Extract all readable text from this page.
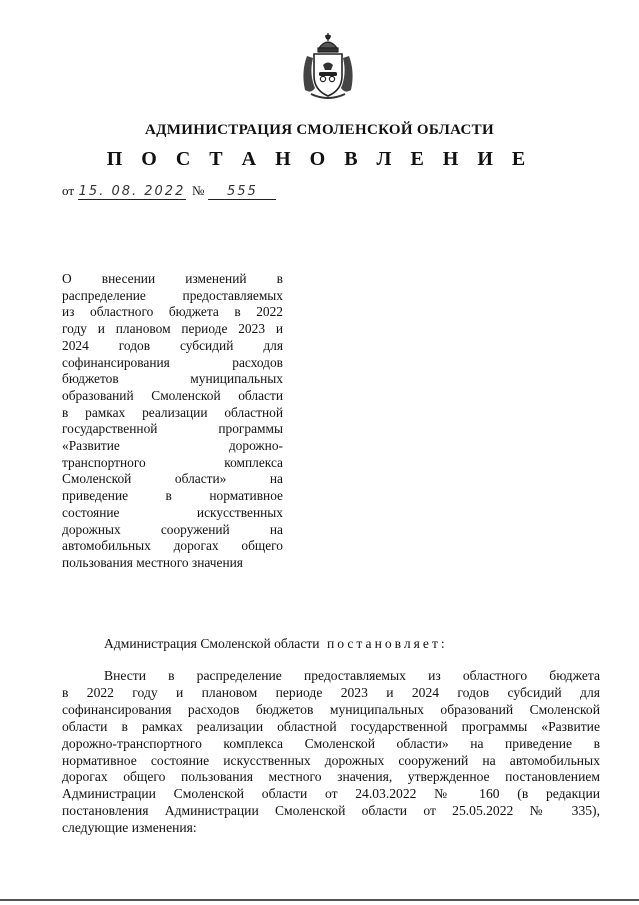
АДМИНИСТРАЦИЯ СМОЛЕНСКОЙ ОБЛАСТИ
П О С Т А Н О В Л Е Н И Е
от 15. 08. 2022 № 555
О внесении изменений в
распределение предоставляемых
из областного бюджета в 2022
году и плановом периоде 2023 и
2024 годов субсидий для
софинансирования расходов
бюджетов муниципальных
образований Смоленской области
в рамках реализации областной
государственной программы
«Развитие дорожно-
транспортного комплекса
Смоленской области» на
приведение в нормативное
состояние искусственных
дорожных сооружений на
автомобильных дорогах общего
пользования местного значения
Администрация Смоленской области постановляет:
Внести в распределение предоставляемых из областного бюджета
в 2022 году и плановом периоде 2023 и 2024 годов субсидий для
софинансирования расходов бюджетов муниципальных образований Смоленской
области в рамках реализации областной государственной программы «Развитие
дорожно-транспортного комплекса Смоленской области» на приведение в
нормативное состояние искусственных дорожных сооружений на автомобильных
дорогах общего пользования местного значения, утвержденное постановлением
Администрации Смоленской области от 24.03.2022 № 160 (в редакции
постановления Администрации Смоленской области от 25.05.2022 № 335),
следующие изменения:
